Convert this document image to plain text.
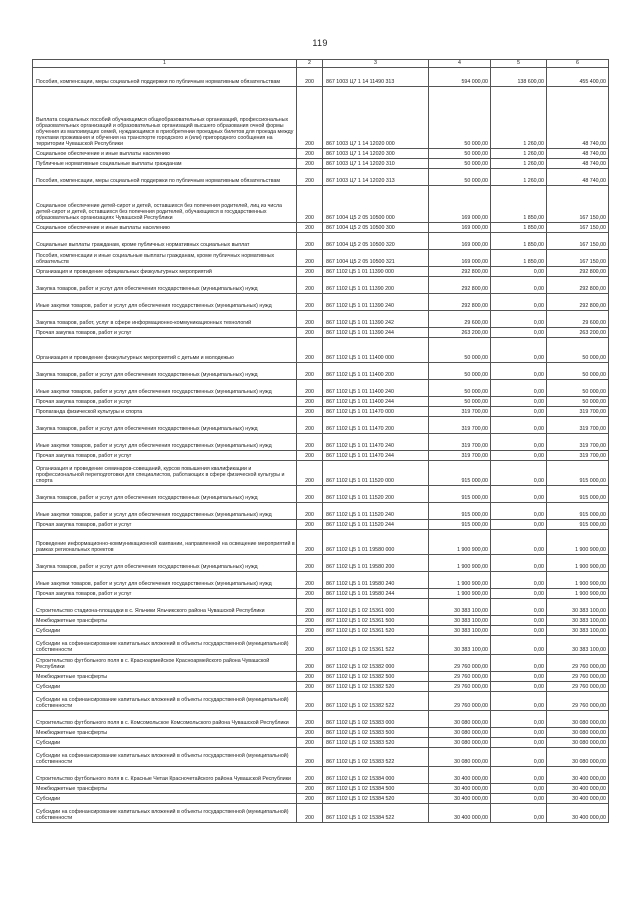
119
1	2	3	4	5	6
Пособия, компенсации, меры социальной поддержки по публичным нормативным обязательствам	200	867 1003 Ц7 1 14 11490 313	594 000,00	138 600,00	455 400,00
Выплата социальных пособий обучающимся общеобразовательных организаций, профессиональных образовательных организаций и образовательных организаций высшего образования очной формы обучения из малоимущих семей, нуждающимся в приобретении проездных билетов для проезда между пунктами проживания и обучения на транспорте городского и (или) пригородного сообщения на территории Чувашской Республики	200	867 1003 Ц7 1 14 12020 000	50 000,00	1 260,00	48 740,00
Социальное обеспечение и иные выплаты населению	200	867 1003 Ц7 1 14 12020 300	50 000,00	1 260,00	48 740,00
Публичные нормативные социальные выплаты гражданам	200	867 1003 Ц7 1 14 12020 310	50 000,00	1 260,00	48 740,00
Пособия, компенсации, меры социальной поддержки по публичным нормативным обязательствам	200	867 1003 Ц7 1 14 12020 313	50 000,00	1 260,00	48 740,00
Социальное обеспечение детей-сирот и детей, оставшихся без попечения родителей, лиц из числа детей-сирот и детей, оставшихся без попечения родителей, обучающихся в государственных образовательных организациях Чувашской Республики	200	867 1004 Ц5 2 05 10500 000	169 000,00	1 850,00	167 150,00
Социальное обеспечение и иные выплаты населению	200	867 1004 Ц5 2 05 10500 300	169 000,00	1 850,00	167 150,00
Социальные выплаты гражданам, кроме публичных нормативных социальных выплат	200	867 1004 Ц5 2 05 10500 320	169 000,00	1 850,00	167 150,00
Пособия, компенсации и иные социальные выплаты гражданам, кроме публичных нормативных обязательств	200	867 1004 Ц5 2 05 10500 321	169 000,00	1 850,00	167 150,00
Организация и проведение официальных физкультурных мероприятий	200	867 1102 Ц5 1 01 11390 000	292 800,00	0,00	292 800,00
Закупка товаров, работ и услуг для обеспечения государственных (муниципальных) нужд	200	867 1102 Ц5 1 01 11390 200	292 800,00	0,00	292 800,00
Иные закупки товаров, работ и услуг для обеспечения государственных (муниципальных) нужд	200	867 1102 Ц5 1 01 11390 240	292 800,00	0,00	292 800,00
Закупка товаров, работ, услуг в сфере информационно-коммуникационных технологий	200	867 1102 Ц5 1 01 11390 242	29 600,00	0,00	29 600,00
Прочая закупка товаров, работ и услуг	200	867 1102 Ц5 1 01 11390 244	263 200,00	0,00	263 200,00
Организация и проведение физкультурных мероприятий с детьми и молодежью	200	867 1102 Ц5 1 01 11400 000	50 000,00	0,00	50 000,00
Закупка товаров, работ и услуг для обеспечения государственных (муниципальных) нужд	200	867 1102 Ц5 1 01 11400 200	50 000,00	0,00	50 000,00
Иные закупки товаров, работ и услуг для обеспечения государственных (муниципальных) нужд	200	867 1102 Ц5 1 01 11400 240	50 000,00	0,00	50 000,00
Прочая закупка товаров, работ и услуг	200	867 1102 Ц5 1 01 11400 244	50 000,00	0,00	50 000,00
Пропаганда физической культуры и спорта	200	867 1102 Ц5 1 01 11470 000	319 700,00	0,00	319 700,00
Закупка товаров, работ и услуг для обеспечения государственных (муниципальных) нужд	200	867 1102 Ц5 1 01 11470 200	319 700,00	0,00	319 700,00
Иные закупки товаров, работ и услуг для обеспечения государственных (муниципальных) нужд	200	867 1102 Ц5 1 01 11470 240	319 700,00	0,00	319 700,00
Прочая закупка товаров, работ и услуг	200	867 1102 Ц5 1 01 11470 244	319 700,00	0,00	319 700,00
Организация и проведение семинаров-совещаний, курсов повышения квалификации и профессиональной переподготовки для специалистов, работающих в сфере физической культуры и спорта	200	867 1102 Ц5 1 01 11520 000	915 000,00	0,00	915 000,00
Закупка товаров, работ и услуг для обеспечения государственных (муниципальных) нужд	200	867 1102 Ц5 1 01 11520 200	915 000,00	0,00	915 000,00
Иные закупки товаров, работ и услуг для обеспечения государственных (муниципальных) нужд	200	867 1102 Ц5 1 01 11520 240	915 000,00	0,00	915 000,00
Прочая закупка товаров, работ и услуг	200	867 1102 Ц5 1 01 11520 244	915 000,00	0,00	915 000,00
Проведение информационно-коммуникационной кампании, направленной на освещение мероприятий в рамках региональных проектов	200	867 1102 Ц5 1 01 19580 000	1 900 900,00	0,00	1 900 900,00
Закупка товаров, работ и услуг для обеспечения государственных (муниципальных) нужд	200	867 1102 Ц5 1 01 19580 200	1 900 900,00	0,00	1 900 900,00
Иные закупки товаров, работ и услуг для обеспечения государственных (муниципальных) нужд	200	867 1102 Ц5 1 01 19580 240	1 900 900,00	0,00	1 900 900,00
Прочая закупка товаров, работ и услуг	200	867 1102 Ц5 1 01 19580 244	1 900 900,00	0,00	1 900 900,00
Строительство стадиона-площадки в с. Яльчики Яльчикского района Чувашской Республики	200	867 1102 Ц5 1 02 15361 000	30 383 100,00	0,00	30 383 100,00
Межбюджетные трансферты	200	867 1102 Ц5 1 02 15361 500	30 383 100,00	0,00	30 383 100,00
Субсидии	200	867 1102 Ц5 1 02 15361 520	30 383 100,00	0,00	30 383 100,00
Субсидии на софинансирование капитальных вложений в объекты государственной (муниципальной) собственности	200	867 1102 Ц5 1 02 15361 522	30 383 100,00	0,00	30 383 100,00
Строительство футбольного поля в с. Красноармейское Красноармейского района Чувашской Республики	200	867 1102 Ц5 1 02 15382 000	29 760 000,00	0,00	29 760 000,00
Межбюджетные трансферты	200	867 1102 Ц5 1 02 15382 500	29 760 000,00	0,00	29 760 000,00
Субсидии	200	867 1102 Ц5 1 02 15382 520	29 760 000,00	0,00	29 760 000,00
Субсидии на софинансирование капитальных вложений в объекты государственной (муниципальной) собственности	200	867 1102 Ц5 1 02 15382 522	29 760 000,00	0,00	29 760 000,00
Строительство футбольного поля в с. Комсомольское Комсомольского района Чувашской Республики	200	867 1102 Ц5 1 02 15383 000	30 080 000,00	0,00	30 080 000,00
Межбюджетные трансферты	200	867 1102 Ц5 1 02 15383 500	30 080 000,00	0,00	30 080 000,00
Субсидии	200	867 1102 Ц5 1 02 15383 520	30 080 000,00	0,00	30 080 000,00
Субсидии на софинансирование капитальных вложений в объекты государственной (муниципальной) собственности	200	867 1102 Ц5 1 02 15383 522	30 080 000,00	0,00	30 080 000,00
Строительство футбольного поля в с. Красные Четаи Красночетайского района Чувашской Республики	200	867 1102 Ц5 1 02 15384 000	30 400 000,00	0,00	30 400 000,00
Межбюджетные трансферты	200	867 1102 Ц5 1 02 15384 500	30 400 000,00	0,00	30 400 000,00
Субсидии	200	867 1102 Ц5 1 02 15384 520	30 400 000,00	0,00	30 400 000,00
Субсидии на софинансирование капитальных вложений в объекты государственной (муниципальной) собственности	200	867 1102 Ц5 1 02 15384 522	30 400 000,00	0,00	30 400 000,00
